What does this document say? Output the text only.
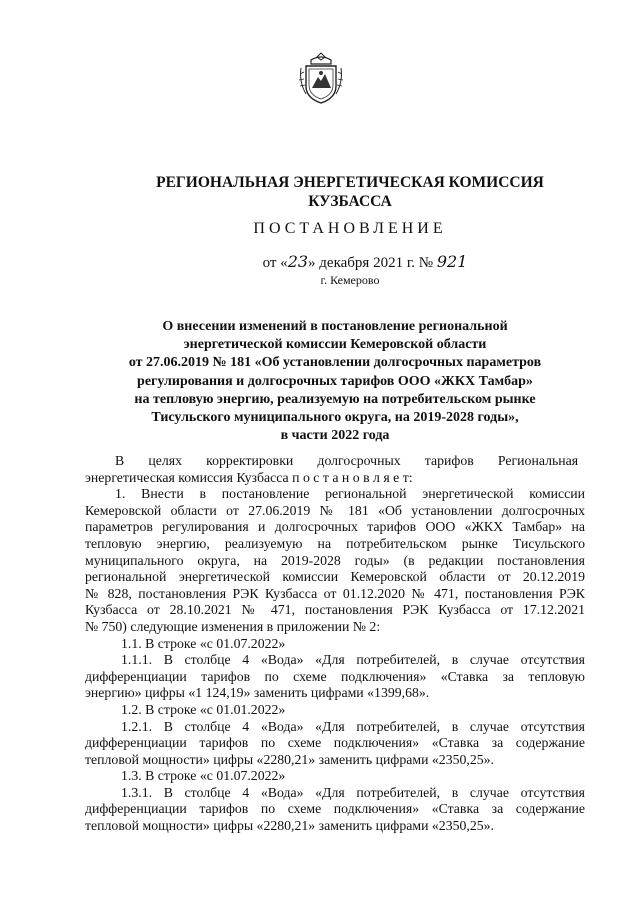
РЕГИОНАЛЬНАЯ ЭНЕРГЕТИЧЕСКАЯ КОМИССИЯ
КУЗБАССА
ПОСТАНОВЛЕНИЕ
от «23» декабря 2021 г. № 921
г. Кемерово
О внесении изменений в постановление региональной
энергетической комиссии Кемеровской области
от 27.06.2019 № 181 «Об установлении долгосрочных параметров
регулирования и долгосрочных тарифов ООО «ЖКХ Тамбар»
на тепловую энергию, реализуемую на потребительском рынке
Тисульского муниципального округа, на 2019-2028 годы»,
в части 2022 года
В       целях       корректировки       долгосрочных       тарифов       Региональная
энергетическая комиссия Кузбасса п о с т а н о в л я е т:
1. Внести в постановление региональной энергетической комиссии
Кемеровской области от 27.06.2019 № 181 «Об установлении долгосрочных
параметров регулирования и долгосрочных тарифов ООО «ЖКХ Тамбар» на
тепловую энергию, реализуемую на потребительском рынке Тисульского
муниципального округа, на 2019-2028 годы» (в редакции постановления
региональной энергетической комиссии Кемеровской области от 20.12.2019
№ 828, постановления РЭК Кузбасса от 01.12.2020 № 471, постановления РЭК
Кузбасса от 28.10.2021 № 471, постановления РЭК Кузбасса от 17.12.2021
№ 750) следующие изменения в приложении № 2:
1.1. В строке «с 01.07.2022»
1.1.1. В столбце 4 «Вода» «Для потребителей, в случае отсутствия
дифференциации тарифов по схеме подключения» «Ставка за тепловую
энергию» цифры «1 124,19» заменить цифрами «1399,68».
1.2. В строке «с 01.01.2022»
1.2.1. В столбце 4 «Вода» «Для потребителей, в случае отсутствия
дифференциации тарифов по схеме подключения» «Ставка за содержание
тепловой мощности» цифры «2280,21» заменить цифрами «2350,25».
1.3. В строке «с 01.07.2022»
1.3.1. В столбце 4 «Вода» «Для потребителей, в случае отсутствия
дифференциации тарифов по схеме подключения» «Ставка за содержание
тепловой мощности» цифры «2280,21» заменить цифрами «2350,25».
